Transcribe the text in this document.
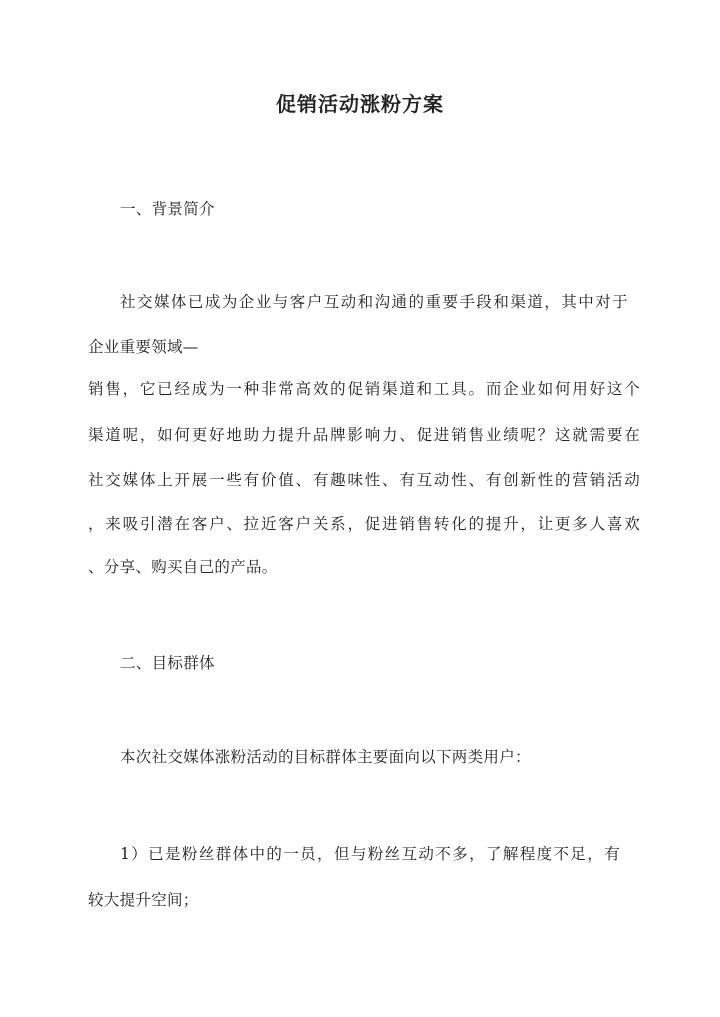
促销活动涨粉方案
一、背景简介
社交媒体已成为企业与客户互动和沟通的重要手段和渠道，其中对于
企业重要领域—
销售，它已经成为一种非常高效的促销渠道和工具。而企业如何用好这个
渠道呢，如何更好地助力提升品牌影响力、促进销售业绩呢？这就需要在
社交媒体上开展一些有价值、有趣味性、有互动性、有创新性的营销活动
，来吸引潜在客户、拉近客户关系，促进销售转化的提升，让更多人喜欢
、分享、购买自己的产品。
二、目标群体
本次社交媒体涨粉活动的目标群体主要面向以下两类用户：
1）已是粉丝群体中的一员，但与粉丝互动不多，了解程度不足，有
较大提升空间；
